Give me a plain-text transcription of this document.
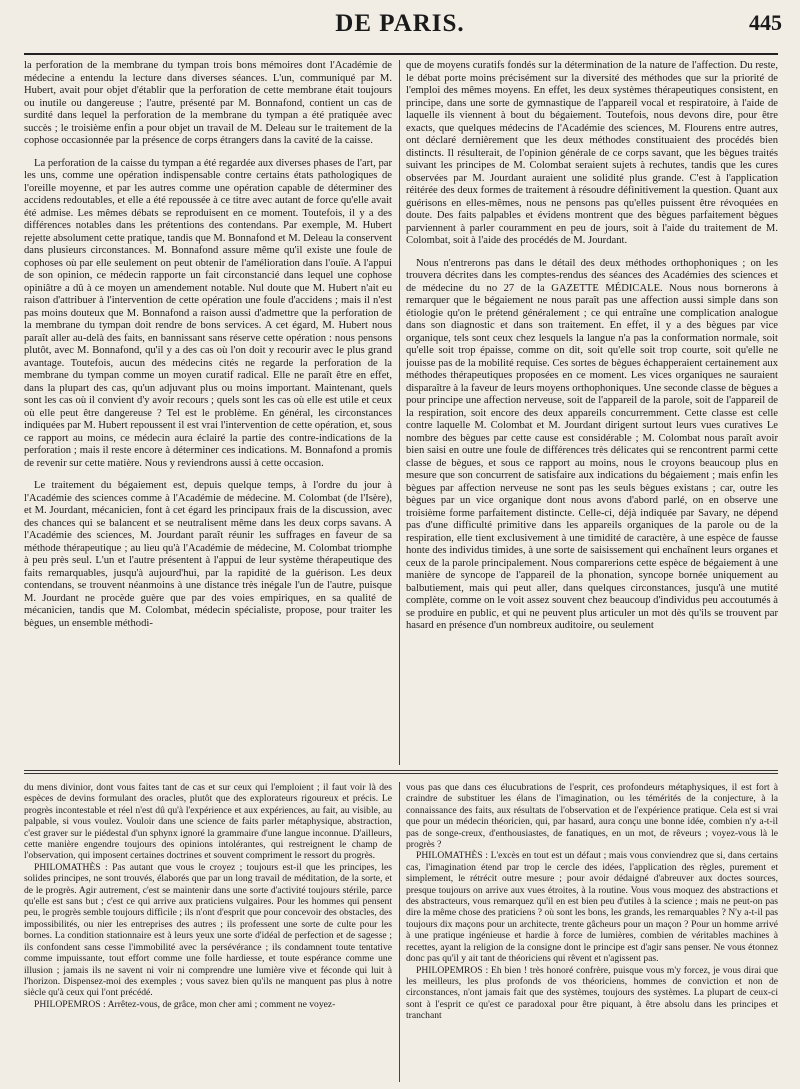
DE PARIS.	445

la perforation de la membrane du tympan trois bons mémoires dont l'Académie de médecine a entendu la lecture dans diverses séances. L'un, communiqué par M. Hubert, avait pour objet d'établir que la perforation de cette membrane était toujours ou inutile ou dangereuse ; l'autre, présenté par M. Bonnafond, contient un cas de surdité dans lequel la perforation de la membrane du tympan a été pratiquée avec succès ; le troisième enfin a pour objet un travail de M. Deleau sur le traitement de la cophose occasionnée par la présence de corps étrangers dans la cavité de la caisse.

La perforation de la caisse du tympan a été regardée aux diverses phases de l'art, par les uns, comme une opération indispensable contre certains états pathologiques de l'oreille moyenne, et par les autres comme une opération capable de déterminer des accidens redoutables, et elle a été repoussée à ce titre avec autant de force qu'elle avait été admise. Les mêmes débats se reproduisent en ce moment. Toutefois, il y a des différences notables dans les prétentions des contendans. Par exemple, M. Hubert rejette absolument cette pratique, tandis que M. Bonnafond et M. Deleau la conservent dans plusieurs circonstances. M. Bonnafond assure même qu'il existe une foule de cophoses où par elle seulement on peut obtenir de l'amélioration dans l'ouïe. A l'appui de son opinion, ce médecin rapporte un fait circonstancié dans lequel une cophose opiniâtre a dû à ce moyen un amendement notable. Nul doute que M. Hubert n'ait eu raison d'attribuer à l'intervention de cette opération une foule d'accidens ; mais il n'est pas moins douteux que M. Bonnafond a raison aussi d'admettre que la perforation de la membrane du tympan doit rendre de bons services. A cet égard, M. Hubert nous paraît aller au-delà des faits, en bannissant sans réserve cette opération : nous pensons plutôt, avec M. Bonnafond, qu'il y a des cas où l'on doit y recourir avec le plus grand avantage. Toutefois, aucun des médecins cités ne regarde la perforation de la membrane du tympan comme un moyen curatif radical. Elle ne paraît être en effet, dans la plupart des cas, qu'un adjuvant plus ou moins important. Maintenant, quels sont les cas où il convient d'y avoir recours ; quels sont les cas où elle est utile et ceux où elle peut être dangereuse ? Tel est le problème. En général, les circonstances indiquées par M. Hubert repoussent il est vrai l'intervention de cette opération, et, sous ce rapport au moins, ce médecin aura éclairé la partie des contre-indications de la perforation ; mais il reste encore à déterminer ces indications. M. Bonnafond a promis de revenir sur cette matière. Nous y reviendrons aussi à cette occasion.

Le traitement du bégaiement est, depuis quelque temps, à l'ordre du jour à l'Académie des sciences comme à l'Académie de médecine. M. Colombat (de l'Isère), et M. Jourdant, mécanicien, font à cet égard les principaux frais de la discussion, avec des chances qui se balancent et se neutralisent même dans les deux corps savans. A l'Académie des sciences, M. Jourdant paraît réunir les suffrages en faveur de sa méthode thérapeutique ; au lieu qu'à l'Académie de médecine, M. Colombat triomphe à peu près seul. L'un et l'autre présentent à l'appui de leur système thérapeutique des faits remarquables, jusqu'à aujourd'hui, par la rapidité de la guérison. Les deux contendans, se trouvent néanmoins à une distance très inégale l'un de l'autre, puisque M. Jourdant ne procède guère que par des voies empiriques, en sa qualité de mécanicien, tandis que M. Colombat, médecin spécialiste, propose, pour traiter les bègues, un ensemble méthodi-

que de moyens curatifs fondés sur la détermination de la nature de l'affection. Du reste, le débat porte moins précisément sur la diversité des méthodes que sur la priorité de l'emploi des mêmes moyens. En effet, les deux systèmes thérapeutiques consistent, en principe, dans une sorte de gymnastique de l'appareil vocal et respiratoire, à l'aide de laquelle ils viennent à bout du bégaiement. Toutefois, nous devons dire, pour être exacts, que quelques médecins de l'Académie des sciences, M. Flourens entre autres, ont déclaré dernièrement que les deux méthodes constituaient des procédés bien distincts. Il résulterait, de l'opinion générale de ce corps savant, que les bègues traités suivant les principes de M. Colombat seraient sujets à rechutes, tandis que les cures observées par M. Jourdant auraient une solidité plus grande. C'est à l'application réitérée des deux formes de traitement à résoudre définitivement la question. Quant aux guérisons en elles-mêmes, nous ne pensons pas qu'elles puissent être révoquées en doute. Des faits palpables et évidens montrent que des bègues parfaitement bègues parviennent à parler couramment en peu de jours, soit à l'aide du traitement de M. Colombat, soit à l'aide des procédés de M. Jourdant.

Nous n'entrerons pas dans le détail des deux méthodes orthophoniques ; on les trouvera décrites dans les comptes-rendus des séances des Académies des sciences et de médecine du no 27 de la GAZETTE MÉDICALE. Nous nous bornerons à remarquer que le bégaiement ne nous paraît pas une affection aussi simple dans son étiologie qu'on le prétend généralement ; ce qui entraîne une complication analogue dans son diagnostic et dans son traitement. En effet, il y a des bègues par vice organique, tels sont ceux chez lesquels la langue n'a pas la conformation normale, soit qu'elle soit trop épaisse, comme on dit, soit qu'elle soit trop courte, soit qu'elle ne jouisse pas de la mobilité requise. Ces sortes de bègues échapperaient certainement aux méthodes thérapeutiques proposées en ce moment. Les vices organiques ne sauraient disparaître à la faveur de leurs moyens orthophoniques. Une seconde classe de bègues a pour principe une affection nerveuse, soit de l'appareil de la parole, soit de l'appareil de la respiration, soit encore des deux appareils concurremment. Cette classe est celle contre laquelle M. Colombat et M. Jourdant dirigent surtout leurs vues curatives Le nombre des bègues par cette cause est considérable ; M. Colombat nous paraît avoir bien saisi en outre une foule de différences très délicates qui se rencontrent parmi cette classe de bègues, et sous ce rapport au moins, nous le croyons beaucoup plus en mesure que son concurrent de satisfaire aux indications du bégaiement ; mais enfin les bègues par affection nerveuse ne sont pas les seuls bègues existans ; car, outre les bègues par un vice organique dont nous avons d'abord parlé, on en observe une troisième forme parfaitement distincte. Celle-ci, déjà indiquée par Savary, ne dépend pas d'une difficulté primitive dans les appareils organiques de la parole ou de la respiration, elle tient exclusivement à une timidité de caractère, à une espèce de fausse honte des individus timides, à une sorte de saisissement qui enchaînent leurs organes et ceux de la parole principalement. Nous comparerions cette espèce de bégaiement à une manière de syncope de l'appareil de la phonation, syncope bornée uniquement au balbutiement, mais qui peut aller, dans quelques circonstances, jusqu'à une mutité complète, comme on le voit assez souvent chez beaucoup d'individus peu accoutumés à se produire en public, et qui ne peuvent plus articuler un mot dès qu'ils se trouvent par hasard en présence d'un nombreux auditoire, ou seulement

du mens divinior, dont vous faites tant de cas et sur ceux qui l'emploient ; il faut voir là des espèces de devins formulant des oracles, plutôt que des explorateurs rigoureux et précis. Le progrès incontestable et réel n'est dû qu'à l'expérience et aux expériences, au fait, au visible, au palpable, si vous voulez. Vouloir dans une science de faits parler métaphysique, abstraction, c'est graver sur le piédestal d'un sphynx ignoré la grammaire d'une langue inconnue. D'ailleurs, cette manière engendre toujours des opinions intolérantes, qui restreignent le champ de l'observation, qui imposent certaines doctrines et souvent compriment le ressort du progrès.

PHILOMATHÈS : Pas autant que vous le croyez ; toujours est-il que les principes, les solides principes, ne sont trouvés, élaborés que par un long travail de méditation, de la sorte, et de le progrès. Agir autrement, c'est se maintenir dans une sorte d'activité toujours stérile, parce qu'elle est sans but ; c'est ce qui arrive aux praticiens vulgaires. Pour les hommes qui pensent peu, le progrès semble toujours difficile ; ils n'ont d'esprit que pour concevoir des obstacles, des impossibilités, ou nier les entreprises des autres ; ils professent une sorte de culte pour les bornes. La condition stationnaire est à leurs yeux une sorte d'idéal de perfection et de sagesse ; ils confondent sans cesse l'immobilité avec la persévérance ; ils condamnent toute tentative comme impuissante, tout effort comme une folle hardiesse, et toute espérance comme une illusion ; jamais ils ne savent ni voir ni comprendre une lumière vive et féconde qui luit à l'horizon. Dispensez-moi des exemples ; vous savez bien qu'ils ne manquent pas plus à notre siècle qu'à ceux qui l'ont précédé.

PHILOPEMROS : Arrêtez-vous, de grâce, mon cher ami ; comment ne voyez-

vous pas que dans ces élucubrations de l'esprit, ces profondeurs métaphysiques, il est fort à craindre de substituer les élans de l'imagination, ou les témérités de la conjecture, à la connaissance des faits, aux résultats de l'observation et de l'expérience pratique. Cela est si vrai que pour un médecin théoricien, qui, par hasard, aura conçu une bonne idée, combien n'y a-t-il pas de songe-creux, d'enthousiastes, de fanatiques, en un mot, de rêveurs ; voyez-vous là le progrès ?

PHILOMATHÈS : L'excès en tout est un défaut ; mais vous conviendrez que si, dans certains cas, l'imagination étend par trop le cercle des idées, l'application des règles, purement et simplement, le rétrécit outre mesure ; pour avoir dédaigné d'abreuver aux doctes sources, presque toujours on arrive aux vues étroites, à la routine. Vous vous moquez des abstractions et des abstracteurs, vous remarquez qu'il en est bien peu d'utiles à la science ; mais ne peut-on pas dire la même chose des praticiens ? où sont les bons, les grands, les remarquables ? N'y a-t-il pas toujours dix maçons pour un architecte, trente gâcheurs pour un maçon ? Pour un homme arrivé à une pratique ingénieuse et hardie à force de lumières, combien de véritables machines à recettes, ayant la religion de la consigne dont le principe est d'agir sans penser. Ne vous étonnez donc pas qu'il y ait tant de théoriciens qui rêvent et n'agissent pas.

PHILOPEMROS : Eh bien ! très honoré confrère, puisque vous m'y forcez, je vous dirai que les meilleurs, les plus profonds de vos théoriciens, hommes de conviction et non de circonstances, n'ont jamais fait que des systèmes, toujours des systèmes. La plupart de ceux-ci sont à l'esprit ce qu'est ce paradoxal pour être piquant, à être absolu dans les principes et tranchant
